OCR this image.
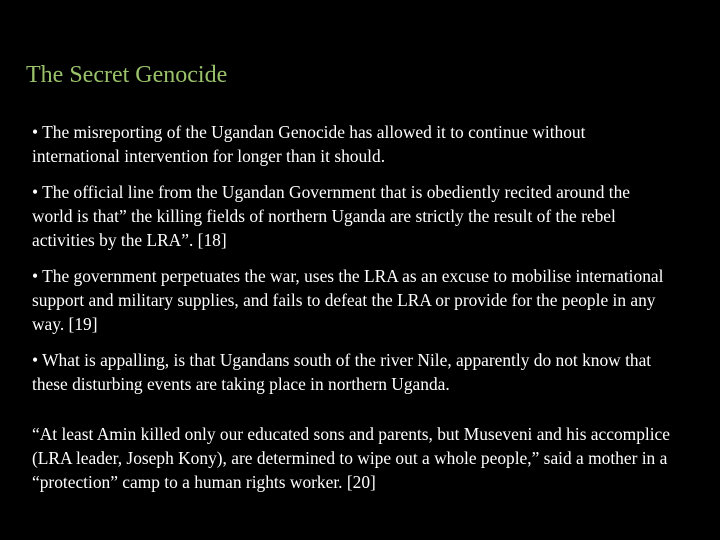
The Secret Genocide

• The misreporting of the Ugandan Genocide has allowed it to continue without international intervention for longer than it should.

• The official line from the Ugandan Government that is obediently recited around the world is that” the killing fields of northern Uganda are strictly the result of the rebel activities by the LRA”. [18]

• The government perpetuates the war, uses the LRA as an excuse to mobilise international support and military supplies, and fails to defeat the LRA or provide for the people in any way. [19]

• What is appalling, is that Ugandans south of the river Nile, apparently do not know that these disturbing events are taking place in northern Uganda.

“At least Amin killed only our educated sons and parents, but Museveni and his accomplice (LRA leader, Joseph Kony), are determined to wipe out a whole people,” said a mother in a “protection” camp to a human rights worker. [20]
